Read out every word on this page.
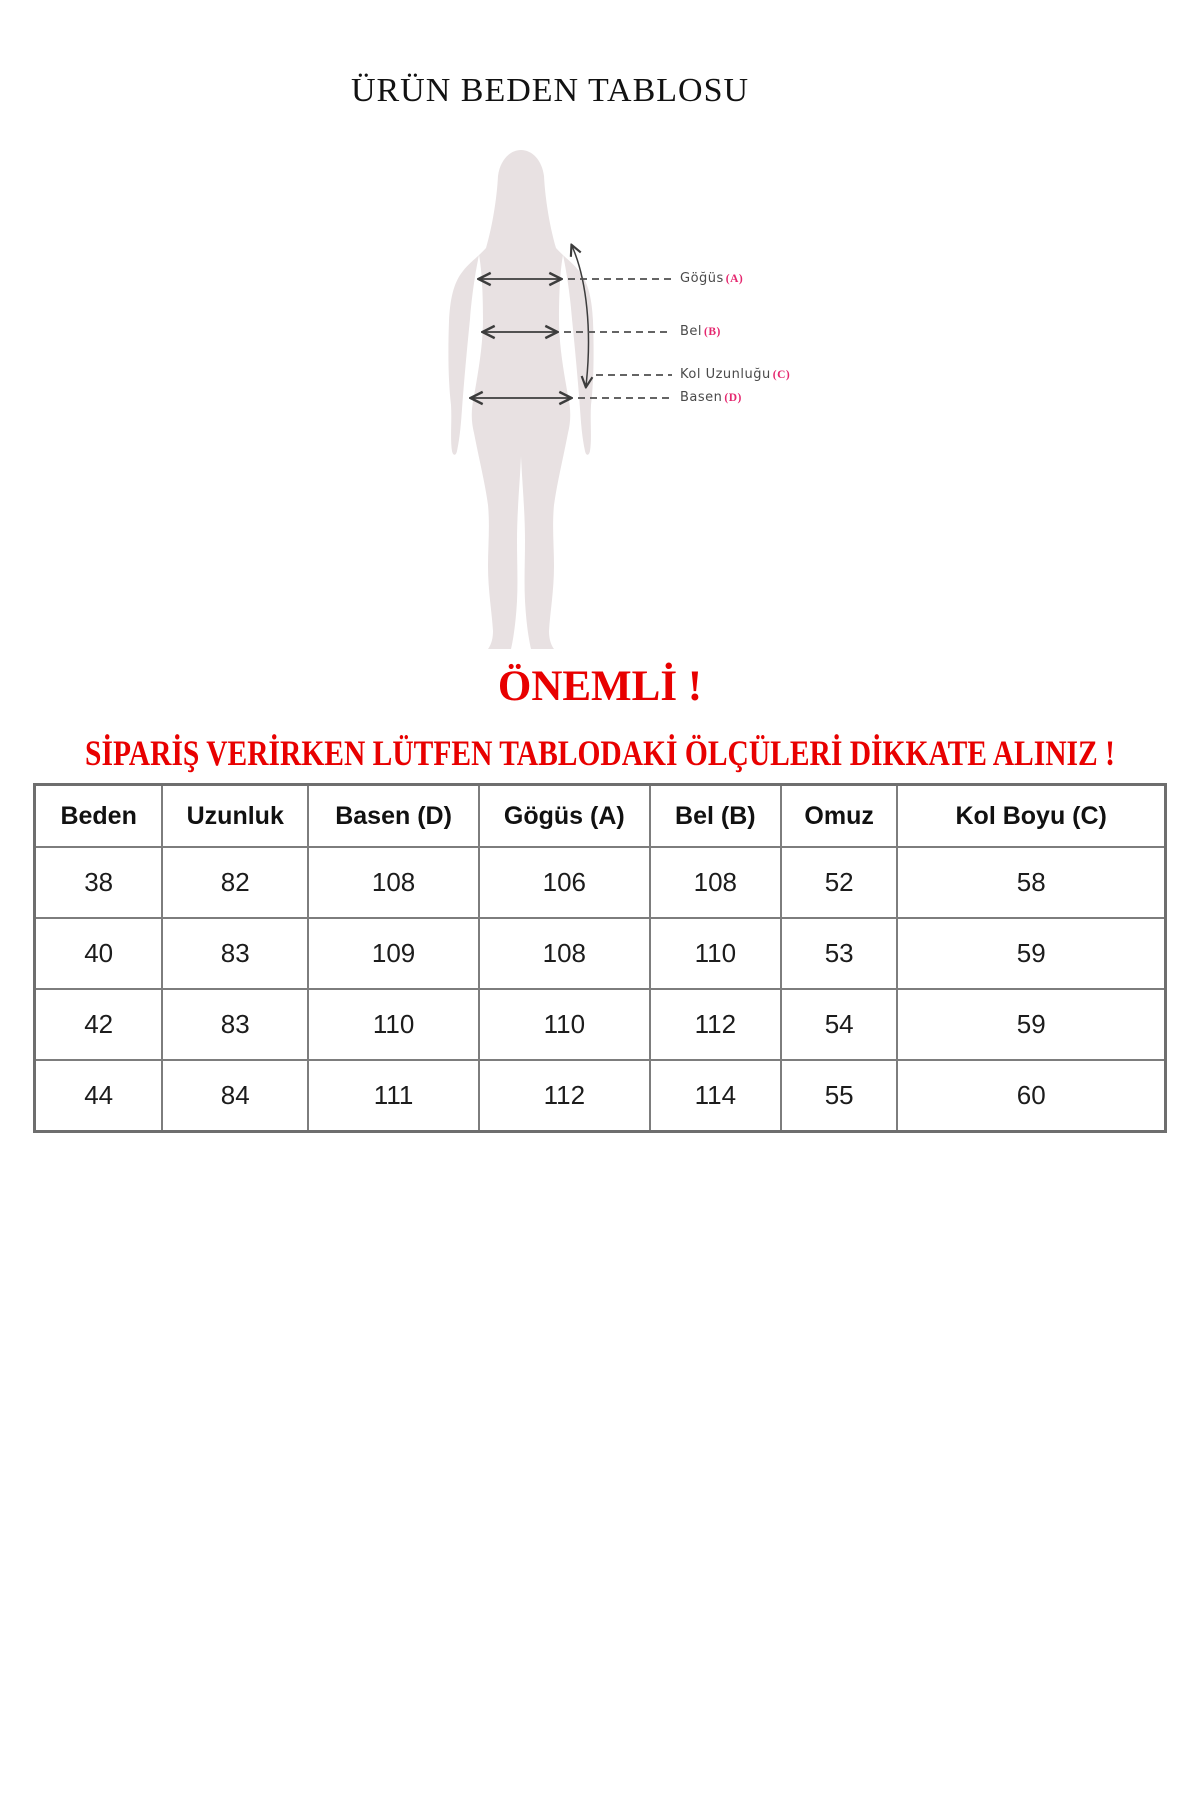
ÜRÜN BEDEN TABLOSU
Göğüs (A)
Bel (B)
Kol Uzunluğu (C)
Basen (D)
ÖNEMLİ !
SİPARİŞ VERİRKEN LÜTFEN TABLODAKİ ÖLÇÜLERİ DİKKATE ALINIZ !
Beden	Uzunluk	Basen (D)	Gögüs (A)	Bel (B)	Omuz	Kol Boyu (C)
38	82	108	106	108	52	58
40	83	109	108	110	53	59
42	83	110	110	112	54	59
44	84	111	112	114	55	60
